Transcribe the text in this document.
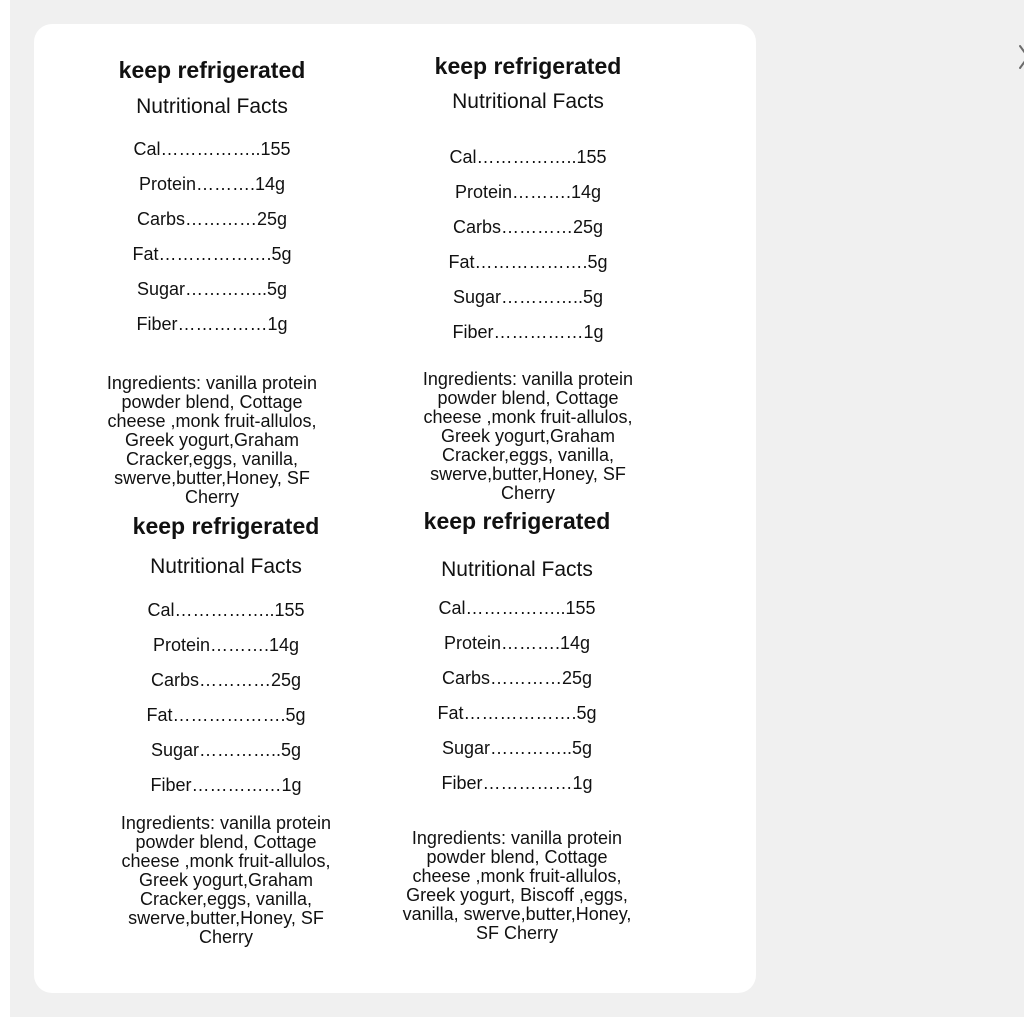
keep refrigerated
Nutritional Facts
Cal……………..155
Protein……….14g
Carbs…………25g
Fat……………….5g
Sugar…………..5g
Fiber……………1g
Ingredients: vanilla protein
powder blend, Cottage
cheese ,monk fruit-allulos,
Greek yogurt,Graham
Cracker,eggs, vanilla,
swerve,butter,Honey, SF
Cherry
keep refrigerated
Nutritional Facts
Cal……………..155
Protein……….14g
Carbs…………25g
Fat……………….5g
Sugar…………..5g
Fiber……………1g
Ingredients: vanilla protein
powder blend, Cottage
cheese ,monk fruit-allulos,
Greek yogurt,Graham
Cracker,eggs, vanilla,
swerve,butter,Honey, SF
Cherry
keep refrigerated
Nutritional Facts
Cal……………..155
Protein……….14g
Carbs…………25g
Fat……………….5g
Sugar…………..5g
Fiber……………1g
Ingredients: vanilla protein
powder blend, Cottage
cheese ,monk fruit-allulos,
Greek yogurt,Graham
Cracker,eggs, vanilla,
swerve,butter,Honey, SF
Cherry
keep refrigerated
Nutritional Facts
Cal……………..155
Protein……….14g
Carbs…………25g
Fat……………….5g
Sugar…………..5g
Fiber……………1g
Ingredients: vanilla protein
powder blend, Cottage
cheese ,monk fruit-allulos,
Greek yogurt, Biscoff ,eggs,
vanilla, swerve,butter,Honey,
SF Cherry
